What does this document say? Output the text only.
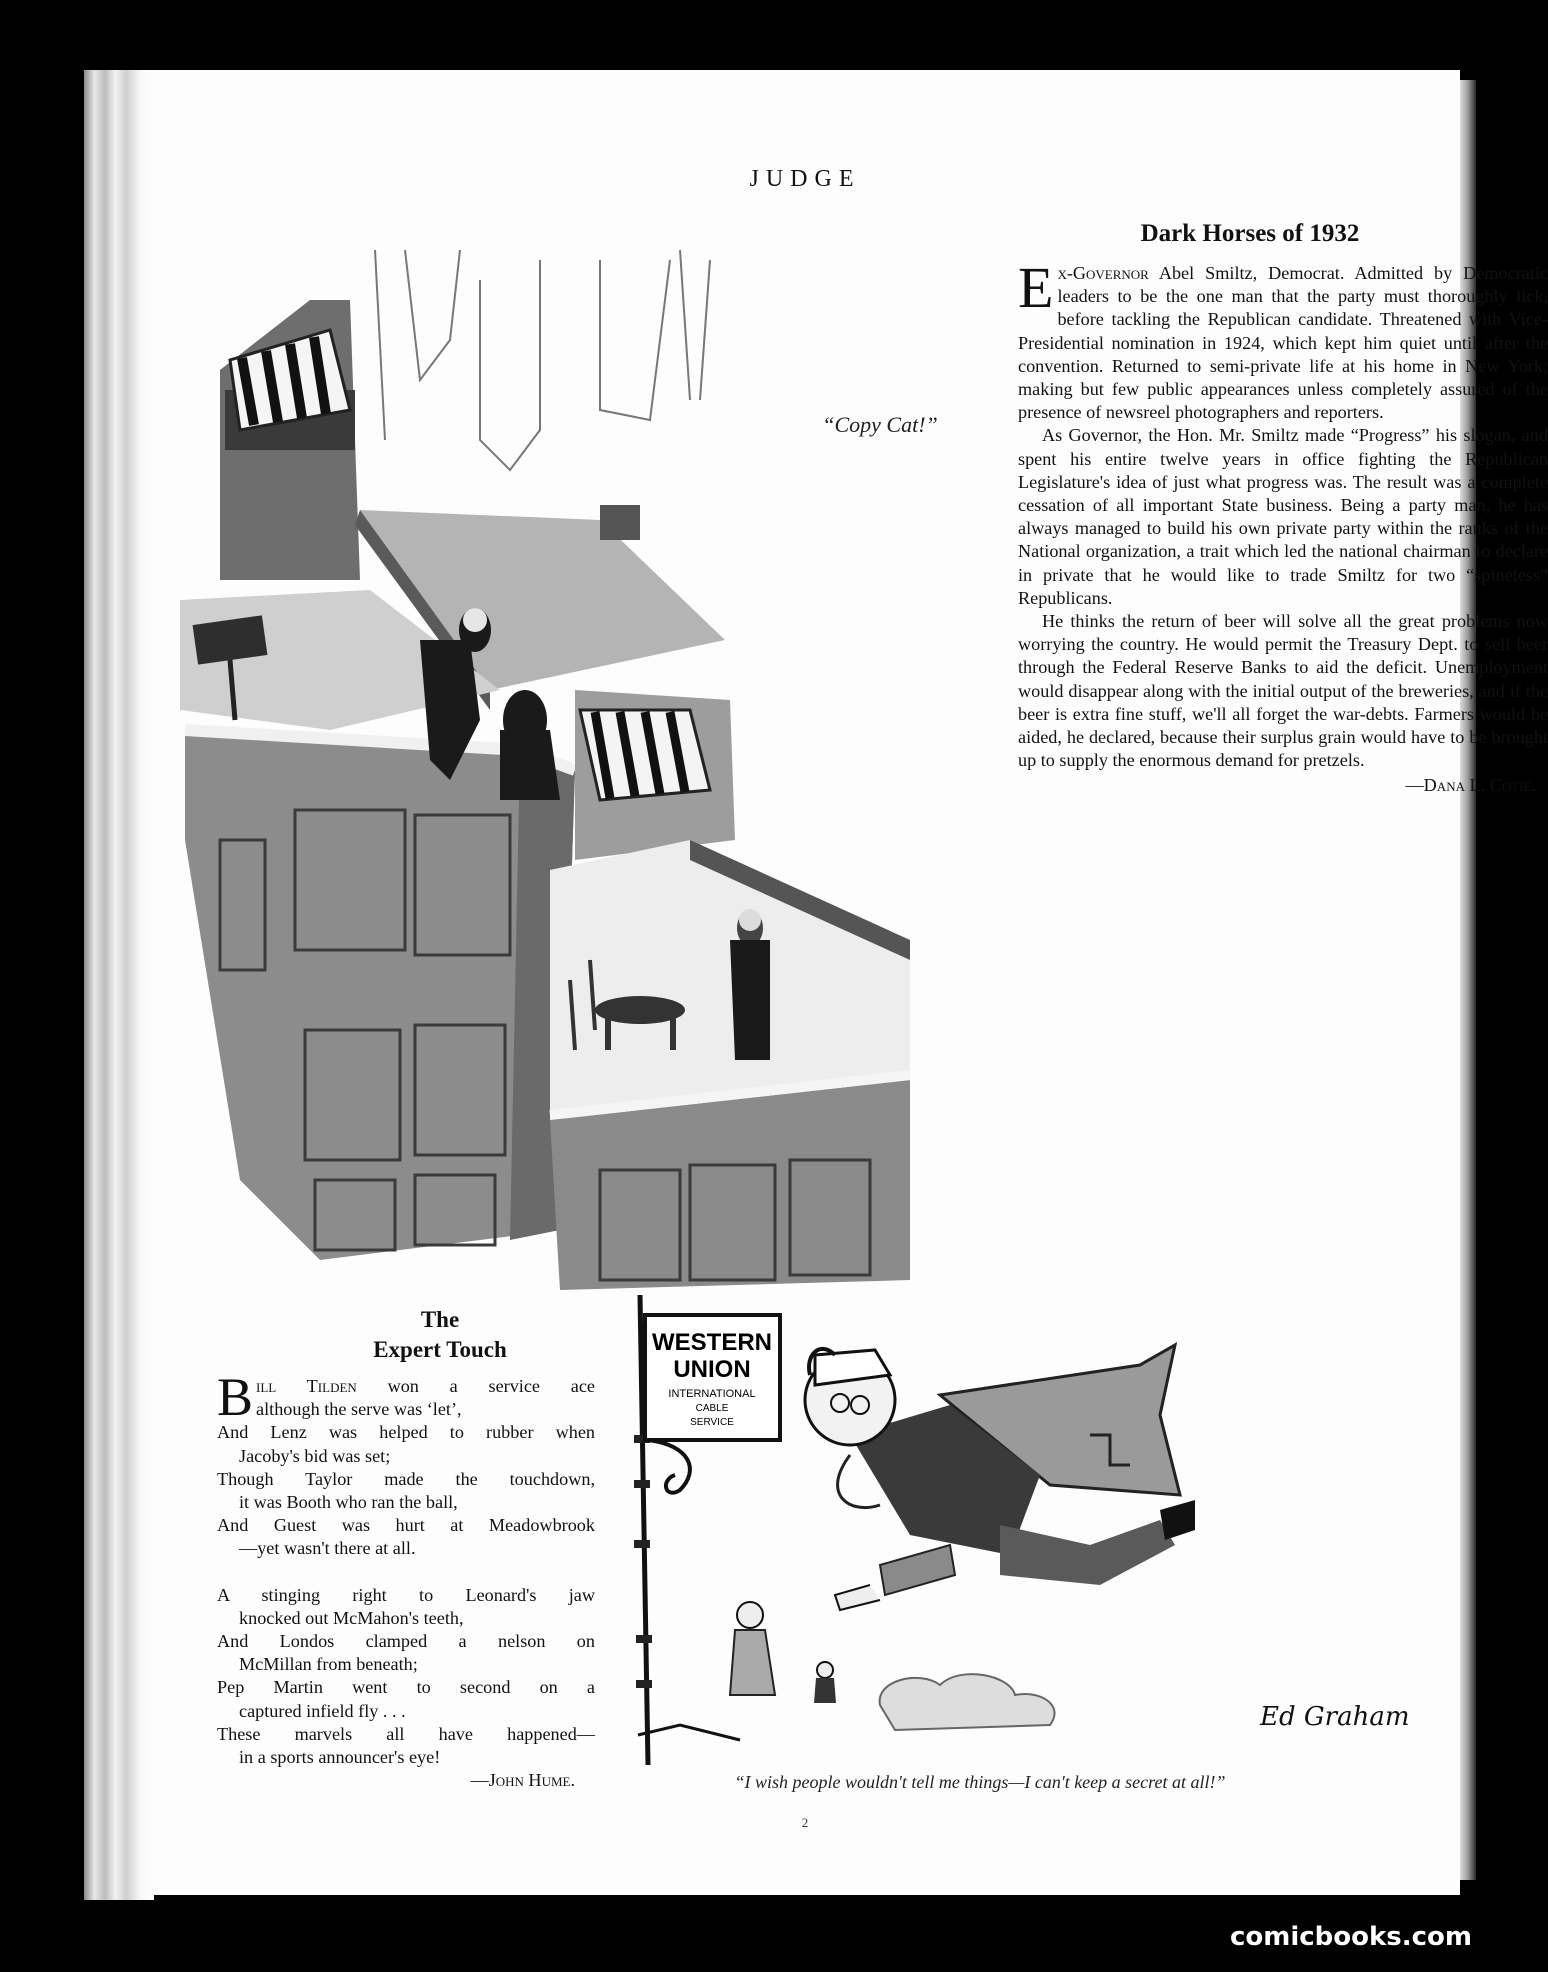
JUDGE
“Copy Cat!”
Dark Horses of 1932

Ex-Governor Abel Smiltz, Democrat. Admitted by Democratic leaders to be the one man that the party must thoroughly lick, before tackling the Republican candidate. Threatened with Vice-Presidential nomination in 1924, which kept him quiet until after the convention. Returned to semi-private life at his home in New York; making but few public appearances unless completely assured of the presence of newsreel photographers and reporters.

As Governor, the Hon. Mr. Smiltz made “Progress” his slogan, and spent his entire twelve years in office fighting the Republican Legislature's idea of just what progress was. The result was a complete cessation of all important State business. Being a party man, he has always managed to build his own private party within the ranks of the National organization, a trait which led the national chairman to declare in private that he would like to trade Smiltz for two “spineless” Republicans.

He thinks the return of beer will solve all the great problems now worrying the country. He would permit the Treasury Dept. to sell beer through the Federal Reserve Banks to aid the deficit. Unemployment would disappear along with the initial output of the breweries, and if the beer is extra fine stuff, we'll all forget the war-debts. Farmers would be aided, he declared, because their surplus grain would have to be brought up to supply the enormous demand for pretzels.

—Dana L. Cotie.
The
Expert Touch
B ill Tilden won a service ace
although the serve was ‘let’,
And Lenz was helped to rubber when
Jacoby's bid was set;
Though Taylor made the touchdown,
it was Booth who ran the ball,
And Guest was hurt at Meadowbrook
—yet wasn't there at all.
A stinging right to Leonard's jaw
knocked out McMahon's teeth,
And Londos clamped a nelson on
McMillan from beneath;
Pep Martin went to second on a
captured infield fly . . .
These marvels all have happened—
in a sports announcer's eye!
—John Hume.
WESTERN
UNION
INTERNATIONAL
CABLE
SERVICE
Ed Graham
“I wish people wouldn't tell me things—I can't keep a secret at all!”
2
comicbooks.com
